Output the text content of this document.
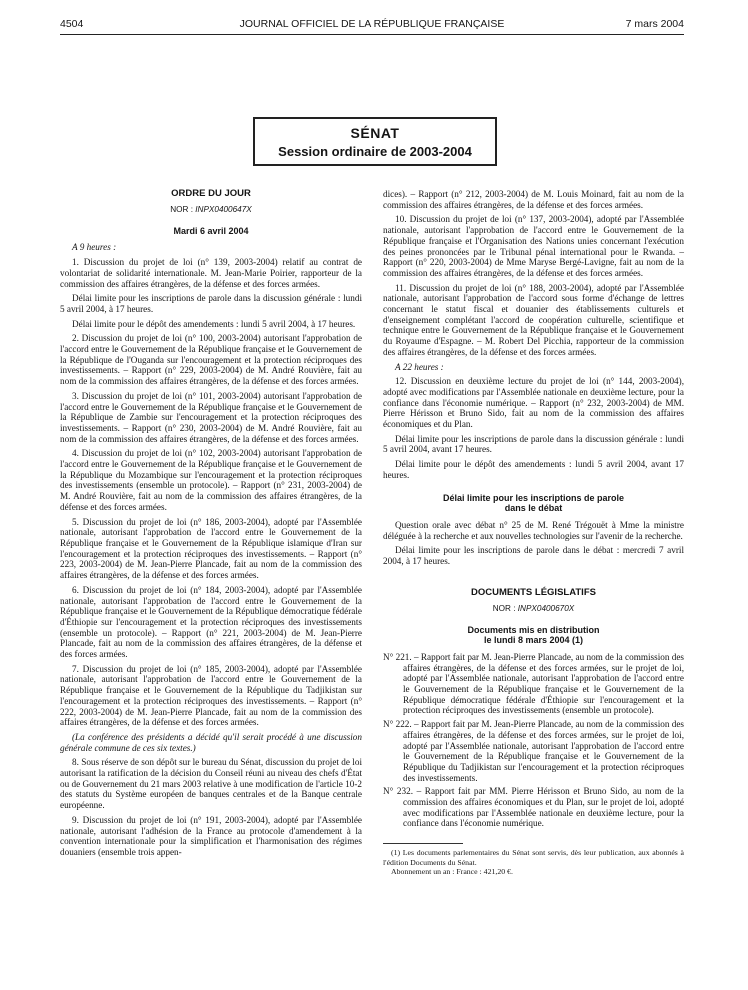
4504	JOURNAL OFFICIEL DE LA RÉPUBLIQUE FRANÇAISE	7 mars 2004
SÉNAT
Session ordinaire de 2003-2004
ORDRE DU JOUR
NOR : INPX0400647X
Mardi 6 avril 2004

A 9 heures :

1. Discussion du projet de loi (n° 139, 2003-2004) relatif au contrat de volontariat de solidarité internationale. M. Jean-Marie Poirier, rapporteur de la commission des affaires étrangères, de la défense et des forces armées.

Délai limite pour les inscriptions de parole dans la discussion générale : lundi 5 avril 2004, à 17 heures.

Délai limite pour le dépôt des amendements : lundi 5 avril 2004, à 17 heures.

2. Discussion du projet de loi (n° 100, 2003-2004) autorisant l'approbation de l'accord entre le Gouvernement de la République française et le Gouvernement de la République de l'Ouganda sur l'encouragement et la protection réciproques des investissements. – Rapport (n° 229, 2003-2004) de M. André Rouvière, fait au nom de la commission des affaires étrangères, de la défense et des forces armées.

3. Discussion du projet de loi (n° 101, 2003-2004) autorisant l'approbation de l'accord entre le Gouvernement de la République française et le Gouvernement de la République de Zambie sur l'encouragement et la protection réciproques des investissements. – Rapport (n° 230, 2003-2004) de M. André Rouvière, fait au nom de la commission des affaires étrangères, de la défense et des forces armées.

4. Discussion du projet de loi (n° 102, 2003-2004) autorisant l'approbation de l'accord entre le Gouvernement de la République française et le Gouvernement de la République du Mozambique sur l'encouragement et la protection réciproques des investissements (ensemble un protocole). – Rapport (n° 231, 2003-2004) de M. André Rouvière, fait au nom de la commission des affaires étrangères, de la défense et des forces armées.

5. Discussion du projet de loi (n° 186, 2003-2004), adopté par l'Assemblée nationale, autorisant l'approbation de l'accord entre le Gouvernement de la République française et le Gouvernement de la République islamique d'Iran sur l'encouragement et la protection réciproques des investissements. – Rapport (n° 223, 2003-2004) de M. Jean-Pierre Plancade, fait au nom de la commission des affaires étrangères, de la défense et des forces armées.

6. Discussion du projet de loi (n° 184, 2003-2004), adopté par l'Assemblée nationale, autorisant l'approbation de l'accord entre le Gouvernement de la République française et le Gouvernement de la République démocratique fédérale d'Éthiopie sur l'encouragement et la protection réciproques des investissements (ensemble un protocole). – Rapport (n° 221, 2003-2004) de M. Jean-Pierre Plancade, fait au nom de la commission des affaires étrangères, de la défense et des forces armées.

7. Discussion du projet de loi (n° 185, 2003-2004), adopté par l'Assemblée nationale, autorisant l'approbation de l'accord entre le Gouvernement de la République française et le Gouvernement de la République du Tadjikistan sur l'encouragement et la protection réciproques des investissements. – Rapport (n° 222, 2003-2004) de M. Jean-Pierre Plancade, fait au nom de la commission des affaires étrangères, de la défense et des forces armées.

(La conférence des présidents a décidé qu'il serait procédé à une discussion générale commune de ces six textes.)

8. Sous réserve de son dépôt sur le bureau du Sénat, discussion du projet de loi autorisant la ratification de la décision du Conseil réuni au niveau des chefs d'État ou de Gouvernement du 21 mars 2003 relative à une modification de l'article 10-2 des statuts du Système européen de banques centrales et de la Banque centrale européenne.

9. Discussion du projet de loi (n° 191, 2003-2004), adopté par l'Assemblée nationale, autorisant l'adhésion de la France au protocole d'amendement à la convention internationale pour la simplification et l'harmonisation des régimes douaniers (ensemble trois appen-

dices). – Rapport (n° 212, 2003-2004) de M. Louis Moinard, fait au nom de la commission des affaires étrangères, de la défense et des forces armées.

10. Discussion du projet de loi (n° 137, 2003-2004), adopté par l'Assemblée nationale, autorisant l'approbation de l'accord entre le Gouvernement de la République française et l'Organisation des Nations unies concernant l'exécution des peines prononcées par le Tribunal pénal international pour le Rwanda. – Rapport (n° 220, 2003-2004) de Mme Maryse Bergé-Lavigne, fait au nom de la commission des affaires étrangères, de la défense et des forces armées.

11. Discussion du projet de loi (n° 188, 2003-2004), adopté par l'Assemblée nationale, autorisant l'approbation de l'accord sous forme d'échange de lettres concernant le statut fiscal et douanier des établissements culturels et d'enseignement complétant l'accord de coopération culturelle, scientifique et technique entre le Gouvernement de la République française et le Gouvernement du Royaume d'Espagne. – M. Robert Del Picchia, rapporteur de la commission des affaires étrangères, de la défense et des forces armées.

A 22 heures :

12. Discussion en deuxième lecture du projet de loi (n° 144, 2003-2004), adopté avec modifications par l'Assemblée nationale en deuxième lecture, pour la confiance dans l'économie numérique. – Rapport (n° 232, 2003-2004) de MM. Pierre Hérisson et Bruno Sido, fait au nom de la commission des affaires économiques et du Plan.

Délai limite pour les inscriptions de parole dans la discussion générale : lundi 5 avril 2004, avant 17 heures.

Délai limite pour le dépôt des amendements : lundi 5 avril 2004, avant 17 heures.

Délai limite pour les inscriptions de parole
dans le débat

Question orale avec débat n° 25 de M. René Trégouët à Mme la ministre déléguée à la recherche et aux nouvelles technologies sur l'avenir de la recherche.

Délai limite pour les inscriptions de parole dans le débat : mercredi 7 avril 2004, à 17 heures.

DOCUMENTS LÉGISLATIFS
NOR : INPX0400670X
Documents mis en distribution
le lundi 8 mars 2004 (1)

N° 221. – Rapport fait par M. Jean-Pierre Plancade, au nom de la commission des affaires étrangères, de la défense et des forces armées, sur le projet de loi, adopté par l'Assemblée nationale, autorisant l'approbation de l'accord entre le Gouvernement de la République française et le Gouvernement de la République démocratique fédérale d'Éthiopie sur l'encouragement et la protection réciproques des investissements (ensemble un protocole).

N° 222. – Rapport fait par M. Jean-Pierre Plancade, au nom de la commission des affaires étrangères, de la défense et des forces armées, sur le projet de loi, adopté par l'Assemblée nationale, autorisant l'approbation de l'accord entre le Gouvernement de la République française et le Gouvernement de la République du Tadjikistan sur l'encouragement et la protection réciproques des investissements.

N° 232. – Rapport fait par MM. Pierre Hérisson et Bruno Sido, au nom de la commission des affaires économiques et du Plan, sur le projet de loi, adopté avec modifications par l'Assemblée nationale en deuxième lecture, pour la confiance dans l'économie numérique.

(1) Les documents parlementaires du Sénat sont servis, dès leur publication, aux abonnés à l'édition Documents du Sénat.

Abonnement un an : France : 421,20 €.
